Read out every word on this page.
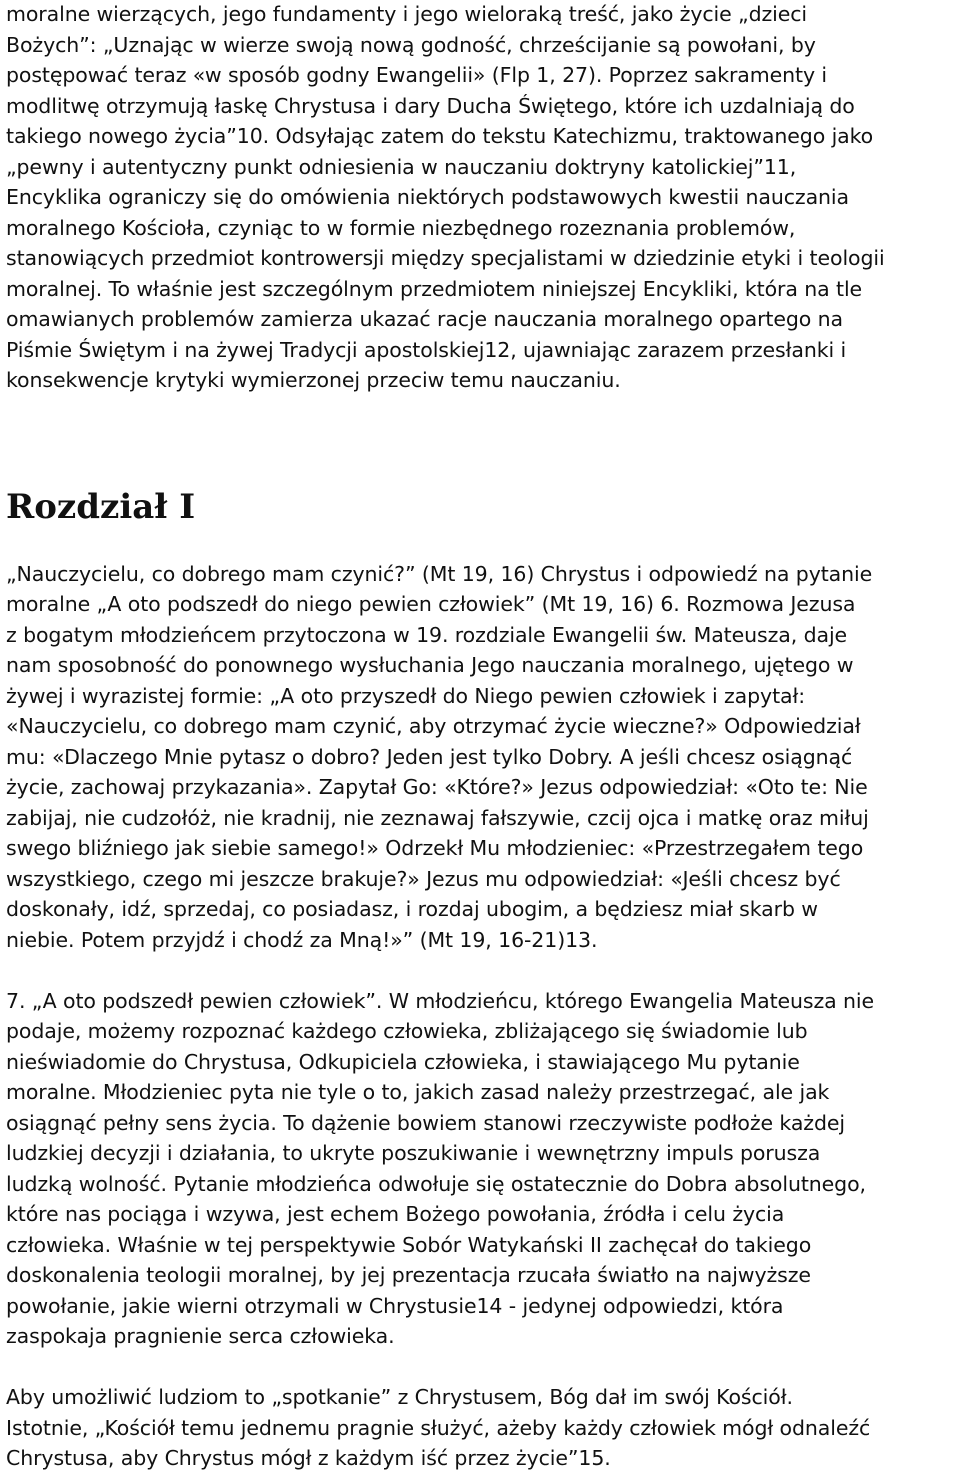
moralne wierzących, jego fundamenty i jego wieloraką treść, jako życie „dzieci
Bożych”: „Uznając w wierze swoją nową godność, chrześcijanie są powołani, by
postępować teraz «w sposób godny Ewangelii» (Flp 1, 27). Poprzez sakramenty i
modlitwę otrzymują łaskę Chrystusa i dary Ducha Świętego, które ich uzdalniają do
takiego nowego życia”10. Odsyłając zatem do tekstu Katechizmu, traktowanego jako
„pewny i autentyczny punkt odniesienia w nauczaniu doktryny katolickiej”11,
Encyklika ograniczy się do omówienia niektórych podstawowych kwestii nauczania
moralnego Kościoła, czyniąc to w formie niezbędnego rozeznania problemów,
stanowiących przedmiot kontrowersji między specjalistami w dziedzinie etyki i teologii
moralnej. To właśnie jest szczególnym przedmiotem niniejszej Encykliki, która na tle
omawianych problemów zamierza ukazać racje nauczania moralnego opartego na
Piśmie Świętym i na żywej Tradycji apostolskiej12, ujawniając zarazem przesłanki i
konsekwencje krytyki wymierzonej przeciw temu nauczaniu.
Rozdział I
„Nauczycielu, co dobrego mam czynić?” (Mt 19, 16) Chrystus i odpowiedź na pytanie
moralne „A oto podszedł do niego pewien człowiek” (Mt 19, 16) 6. Rozmowa Jezusa
z bogatym młodzieńcem przytoczona w 19. rozdziale Ewangelii św. Mateusza, daje
nam sposobność do ponownego wysłuchania Jego nauczania moralnego, ujętego w
żywej i wyrazistej formie: „A oto przyszedł do Niego pewien człowiek i zapytał:
«Nauczycielu, co dobrego mam czynić, aby otrzymać życie wieczne?» Odpowiedział
mu: «Dlaczego Mnie pytasz o dobro? Jeden jest tylko Dobry. A jeśli chcesz osiągnąć
życie, zachowaj przykazania». Zapytał Go: «Które?» Jezus odpowiedział: «Oto te: Nie
zabijaj, nie cudzołóż, nie kradnij, nie zeznawaj fałszywie, czcij ojca i matkę oraz miłuj
swego bliźniego jak siebie samego!» Odrzekł Mu młodzieniec: «Przestrzegałem tego
wszystkiego, czego mi jeszcze brakuje?» Jezus mu odpowiedział: «Jeśli chcesz być
doskonały, idź, sprzedaj, co posiadasz, i rozdaj ubogim, a będziesz miał skarb w
niebie. Potem przyjdź i chodź za Mną!»” (Mt 19, 16-21)13.
7. „A oto podszedł pewien człowiek”. W młodzieńcu, którego Ewangelia Mateusza nie
podaje, możemy rozpoznać każdego człowieka, zbliżającego się świadomie lub
nieświadomie do Chrystusa, Odkupiciela człowieka, i stawiającego Mu pytanie
moralne. Młodzieniec pyta nie tyle o to, jakich zasad należy przestrzegać, ale jak
osiągnąć pełny sens życia. To dążenie bowiem stanowi rzeczywiste podłoże każdej
ludzkiej decyzji i działania, to ukryte poszukiwanie i wewnętrzny impuls porusza
ludzką wolność. Pytanie młodzieńca odwołuje się ostatecznie do Dobra absolutnego,
które nas pociąga i wzywa, jest echem Bożego powołania, źródła i celu życia
człowieka. Właśnie w tej perspektywie Sobór Watykański II zachęcał do takiego
doskonalenia teologii moralnej, by jej prezentacja rzucała światło na najwyższe
powołanie, jakie wierni otrzymali w Chrystusie14 - jedynej odpowiedzi, która
zaspokaja pragnienie serca człowieka.
Aby umożliwić ludziom to „spotkanie” z Chrystusem, Bóg dał im swój Kościół.
Istotnie, „Kościół temu jednemu pragnie służyć, ażeby każdy człowiek mógł odnaleźć
Chrystusa, aby Chrystus mógł z każdym iść przez życie”15.
